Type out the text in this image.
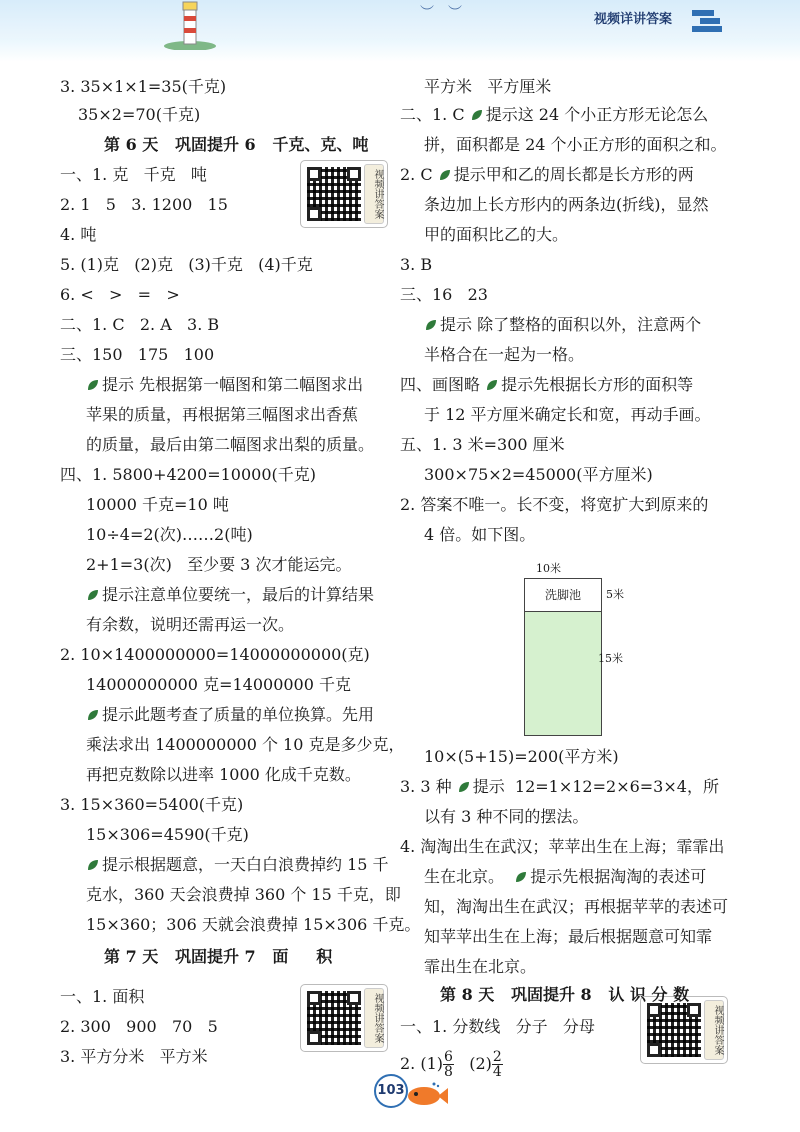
︶︶	视频详讲答案
3. 35×1×1=35(千克)
35×2=70(千克)
第 6 天   巩固提升 6   千克、克、吨
一、1. 克   千克   吨
2. 1   5   3. 1200   15
4. 吨
5. (1)克   (2)克   (3)千克   (4)千克
6. <   >   =   >
二、1. C   2. A   3. B
三、150   175   100
提示 先根据第一幅图和第二幅图求出
苹果的质量，再根据第三幅图求出香蕉
的质量，最后由第二幅图求出梨的质量。
四、1. 5800+4200=10000(千克)
10000 千克=10 吨
10÷4=2(次)……2(吨)
2+1=3(次)   至少要 3 次才能运完。
提示注意单位要统一，最后的计算结果
有余数，说明还需再运一次。
2. 10×1400000000=14000000000(克)
14000000000 克=14000000 千克
提示此题考查了质量的单位换算。先用
乘法求出 1400000000 个 10 克是多少克，
再把克数除以进率 1000 化成千克数。
3. 15×360=5400(千克)
15×306=4590(千克)
提示根据题意，一天白白浪费掉约 15 千
克水，360 天会浪费掉 360 个 15 千克，即
15×360；306 天就会浪费掉 15×306 千克。
第 7 天   巩固提升 7   面     积
一、1. 面积
2. 300   900   70   5
3. 平方分米   平方米
视频讲答案
视频讲答案	视频讲答案
平方米   平方厘米
二、1. C 提示这 24 个小正方形无论怎么
拼，面积都是 24 个小正方形的面积之和。
2. C 提示甲和乙的周长都是长方形的两
条边加上长方形内的两条边(折线)，显然
甲的面积比乙的大。
3. B
三、16   23
提示 除了整格的面积以外，注意两个
半格合在一起为一格。
四、画图略 提示先根据长方形的面积等
于 12 平方厘米确定长和宽，再动手画。
五、1. 3 米=300 厘米
300×75×2=45000(平方厘米)
2. 答案不唯一。长不变，将宽扩大到原来的
4 倍。如下图。
10米
洗脚池	5米
15米
10×(5+15)=200(平方米)
3. 3 种 提示  12=1×12=2×6=3×4，所
以有 3 种不同的摆法。
4. 淘淘出生在武汉；苹苹出生在上海；霏霏出
生在北京。 提示先根据淘淘的表述可
知，淘淘出生在武汉；再根据苹苹的表述可
知苹苹出生在上海；最后根据题意可知霏
霏出生在北京。
第 8 天   巩固提升 8   认 识 分 数
一、1. 分数线   分子   分母
2. $(1) \frac{6}{8} (2) \frac{2}{4}$
103
